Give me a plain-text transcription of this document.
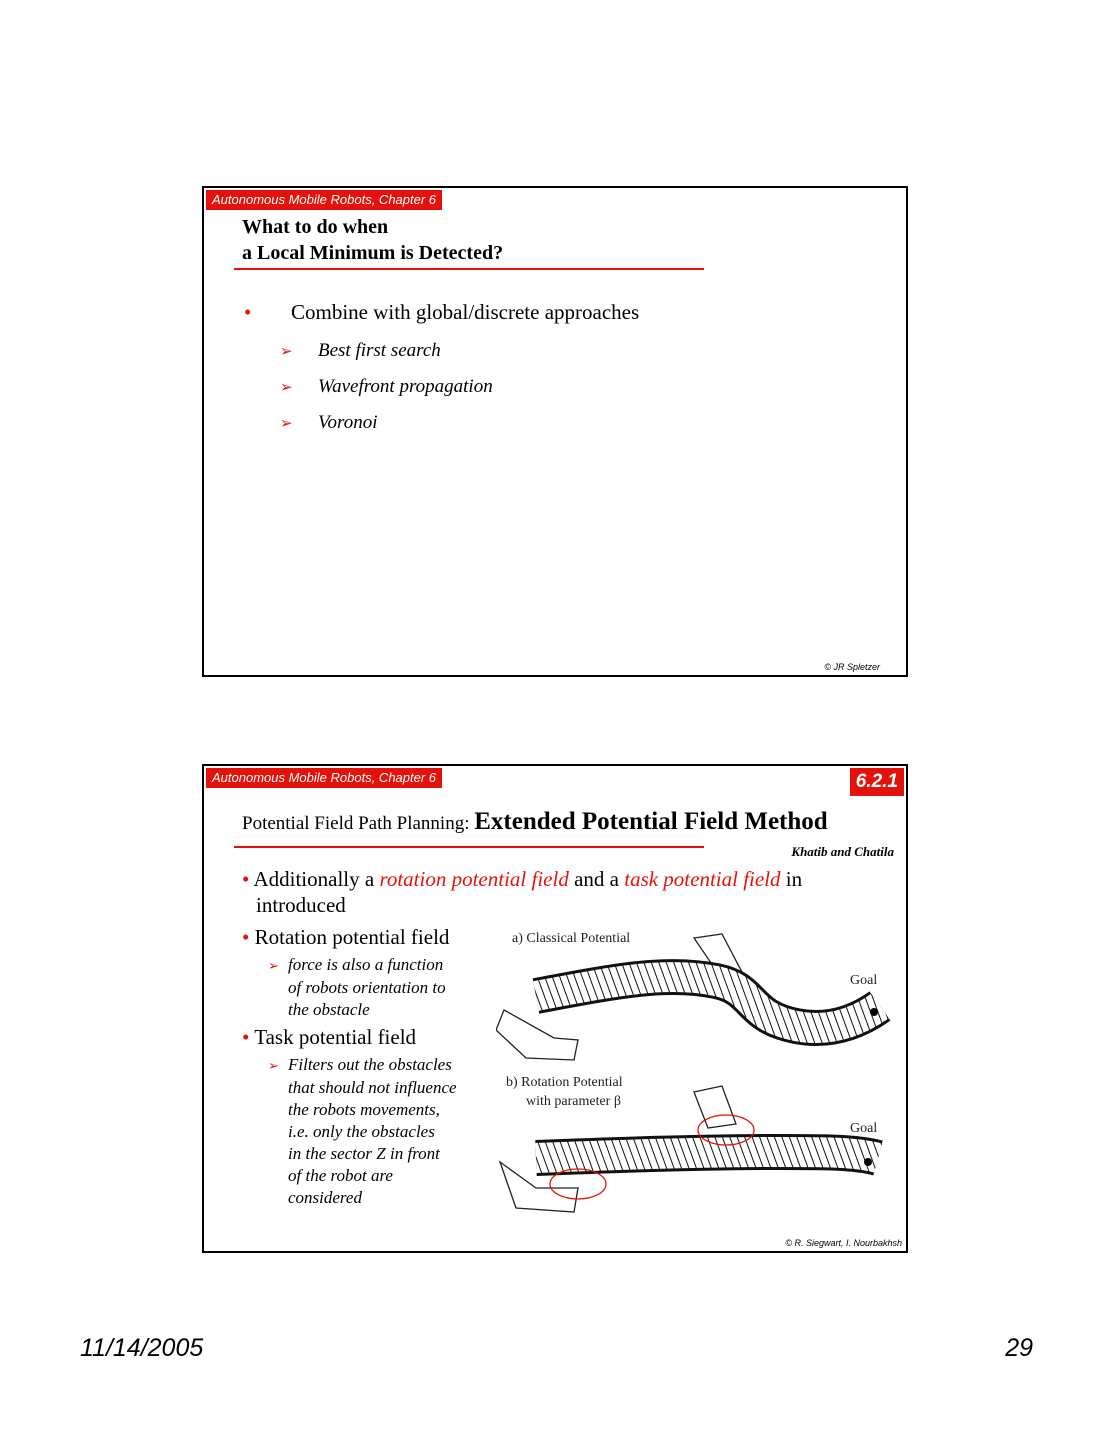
Autonomous Mobile Robots, Chapter 6
What to do when
a Local Minimum is Detected?
• Combine with global/discrete approaches
➢ Best first search
➢ Wavefront propagation
➢ Voronoi
© JR Spletzer
Autonomous Mobile Robots, Chapter 6	6.2.1
Potential Field Path Planning: Extended Potential Field Method
Khatib and Chatila
• Additionally a rotation potential field and a task potential field in
introduced
• Rotation potential field
➢ force is also a function
of robots orientation to
the obstacle
• Task potential field
➢ Filters out the obstacles
that should not influence
the robots movements,
i.e. only the obstacles
in the sector Z in front
of the robot are
considered
a) Classical Potential
Goal
b) Rotation Potential
with parameter β
Goal
© R. Siegwart, I. Nourbakhsh
11/14/2005	29
